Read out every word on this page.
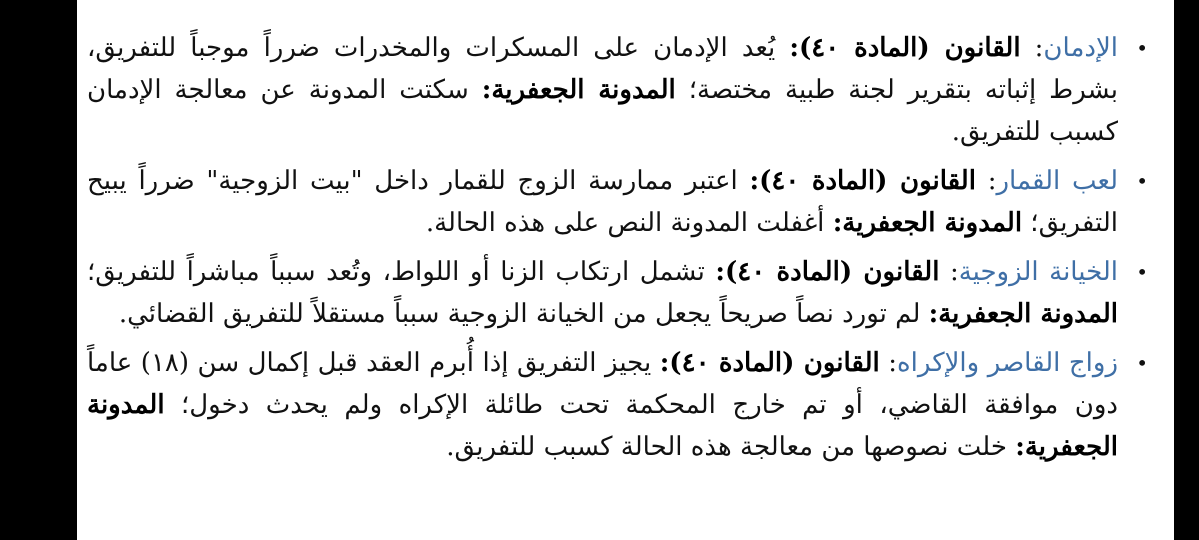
•
الإدمان: القانون (المادة ٤٠): يُعد الإدمان على المسكرات والمخدرات ضرراً موجباً للتفريق، بشرط إثباته بتقرير لجنة طبية مختصة؛ المدونة الجعفرية: سكتت المدونة عن معالجة الإدمان كسبب للتفريق.
•
لعب القمار: القانون (المادة ٤٠): اعتبر ممارسة الزوج للقمار داخل "بيت الزوجية" ضرراً يبيح التفريق؛ المدونة الجعفرية: أغفلت المدونة النص على هذه الحالة.
•
الخيانة الزوجية: القانون (المادة ٤٠): تشمل ارتكاب الزنا أو اللواط، وتُعد سبباً مباشراً للتفريق؛ المدونة الجعفرية: لم تورد نصاً صريحاً يجعل من الخيانة الزوجية سبباً مستقلاً للتفريق القضائي.
•
زواج القاصر والإكراه: القانون (المادة ٤٠): يجيز التفريق إذا أُبرم العقد قبل إكمال سن (١٨) عاماً دون موافقة القاضي، أو تم خارج المحكمة تحت طائلة الإكراه ولم يحدث دخول؛ المدونة الجعفرية: خلت نصوصها من معالجة هذه الحالة كسبب للتفريق.
